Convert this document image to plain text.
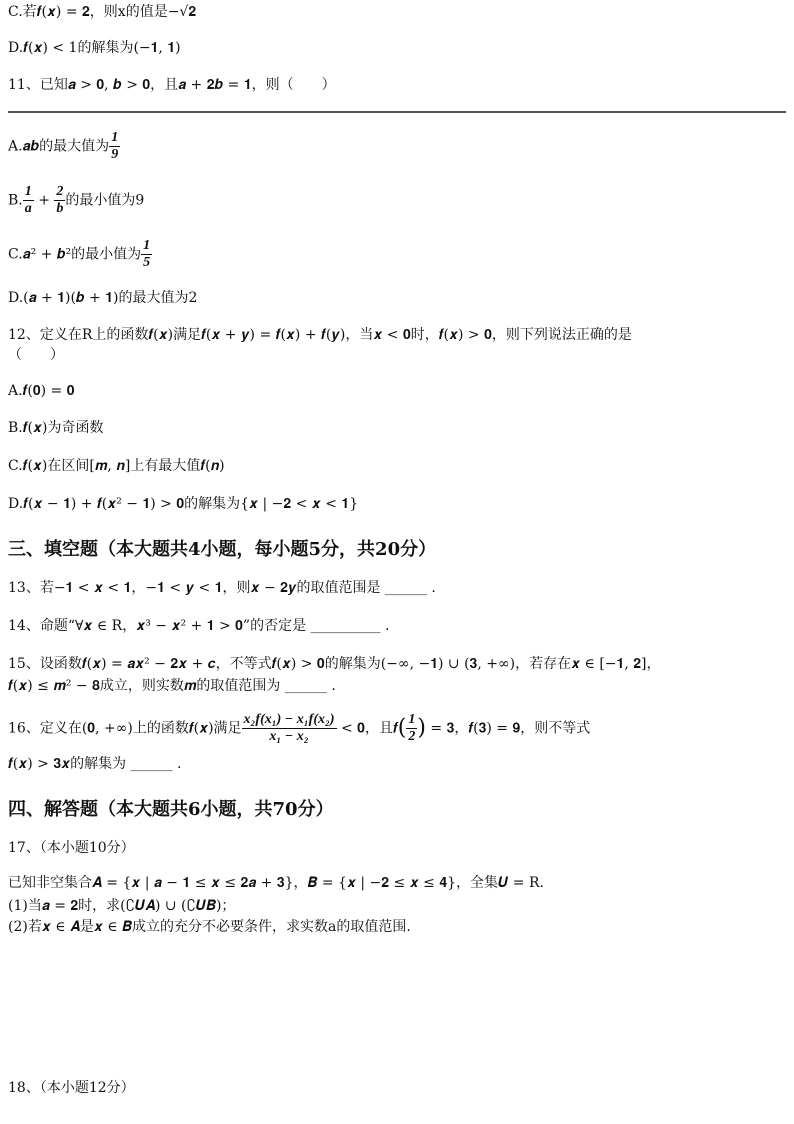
C.若𝒇(𝒙) = 𝟐，则x的值是−√𝟐
D.𝒇(𝒙) < 1的解集为(−𝟏, 𝟏)
11、已知𝒂 > 𝟎, 𝒃 > 𝟎，且𝒂 + 𝟐𝒃 = 𝟏，则（　　）
A.𝒂𝒃的最大值为 $\frac{1}{9}$
B. $\frac{1}{a} + \frac{2}{b}$ 的最小值为9
C.𝒂² + 𝒃²的最小值为 $\frac{1}{5}$
D.(𝒂 + 𝟏)(𝒃 + 𝟏)的最大值为2
12、定义在R上的函数𝒇(𝒙)满足𝒇(𝒙 + 𝒚) = 𝒇(𝒙) + 𝒇(𝒚)，当𝒙 < 𝟎时，𝒇(𝒙) > 𝟎，则下列说法正确的是
（　　）
A.𝒇(𝟎) = 𝟎
B.𝒇(𝒙)为奇函数
C.𝒇(𝒙)在区间[𝒎, 𝒏]上有最大值𝒇(𝒏)
D.𝒇(𝒙 − 𝟏) + 𝒇(𝒙² − 𝟏) > 𝟎的解集为{𝒙 | −𝟐 < 𝒙 < 𝟏}
三、填空题（本大题共4小题，每小题5分，共20分）
13、若−𝟏 < 𝒙 < 𝟏，−𝟏 < 𝒚 < 𝟏，则𝒙 − 𝟐𝒚的取值范围是 ______ .
14、命题“∀𝒙 ∈ R，𝒙³ − 𝒙² + 𝟏 > 𝟎”的否定是 __________ .
15、设函数𝒇(𝒙) = 𝒂𝒙² − 𝟐𝒙 + 𝒄，不等式𝒇(𝒙) > 𝟎的解集为(−∞, −𝟏) ∪ (𝟑, +∞)，若存在𝒙 ∈ [−𝟏, 𝟐]，
𝒇(𝒙) ≤ 𝒎² − 𝟖成立，则实数𝒎的取值范围为 ______ .
16、定义在(𝟎, +∞)上的函数𝒇(𝒙)满足 $\frac{\text{x₂f(x₁) − x₁f(x₂)}}{\text{x₁ − x₂}}$ < 𝟎，且𝒇( $\frac{1}{2}$ ) = 𝟑，𝒇(𝟑) = 𝟗，则不等式
𝒇(𝒙) > 𝟑𝒙的解集为 ______ .
四、解答题（本大题共6小题，共70分）
17、（本小题10分）
已知非空集合𝑨 = {𝒙 | 𝒂 − 𝟏 ≤ 𝒙 ≤ 𝟐𝒂 + 𝟑}，𝑩 = {𝒙 | −𝟐 ≤ 𝒙 ≤ 𝟒}，全集𝑼 = R.
(1)当𝒂 = 𝟐时，求(∁𝑼𝑨) ∪ (∁𝑼𝑩)；
(2)若𝒙 ∈ 𝑨是𝒙 ∈ 𝑩成立的充分不必要条件，求实数a的取值范围.
18、（本小题12分）
